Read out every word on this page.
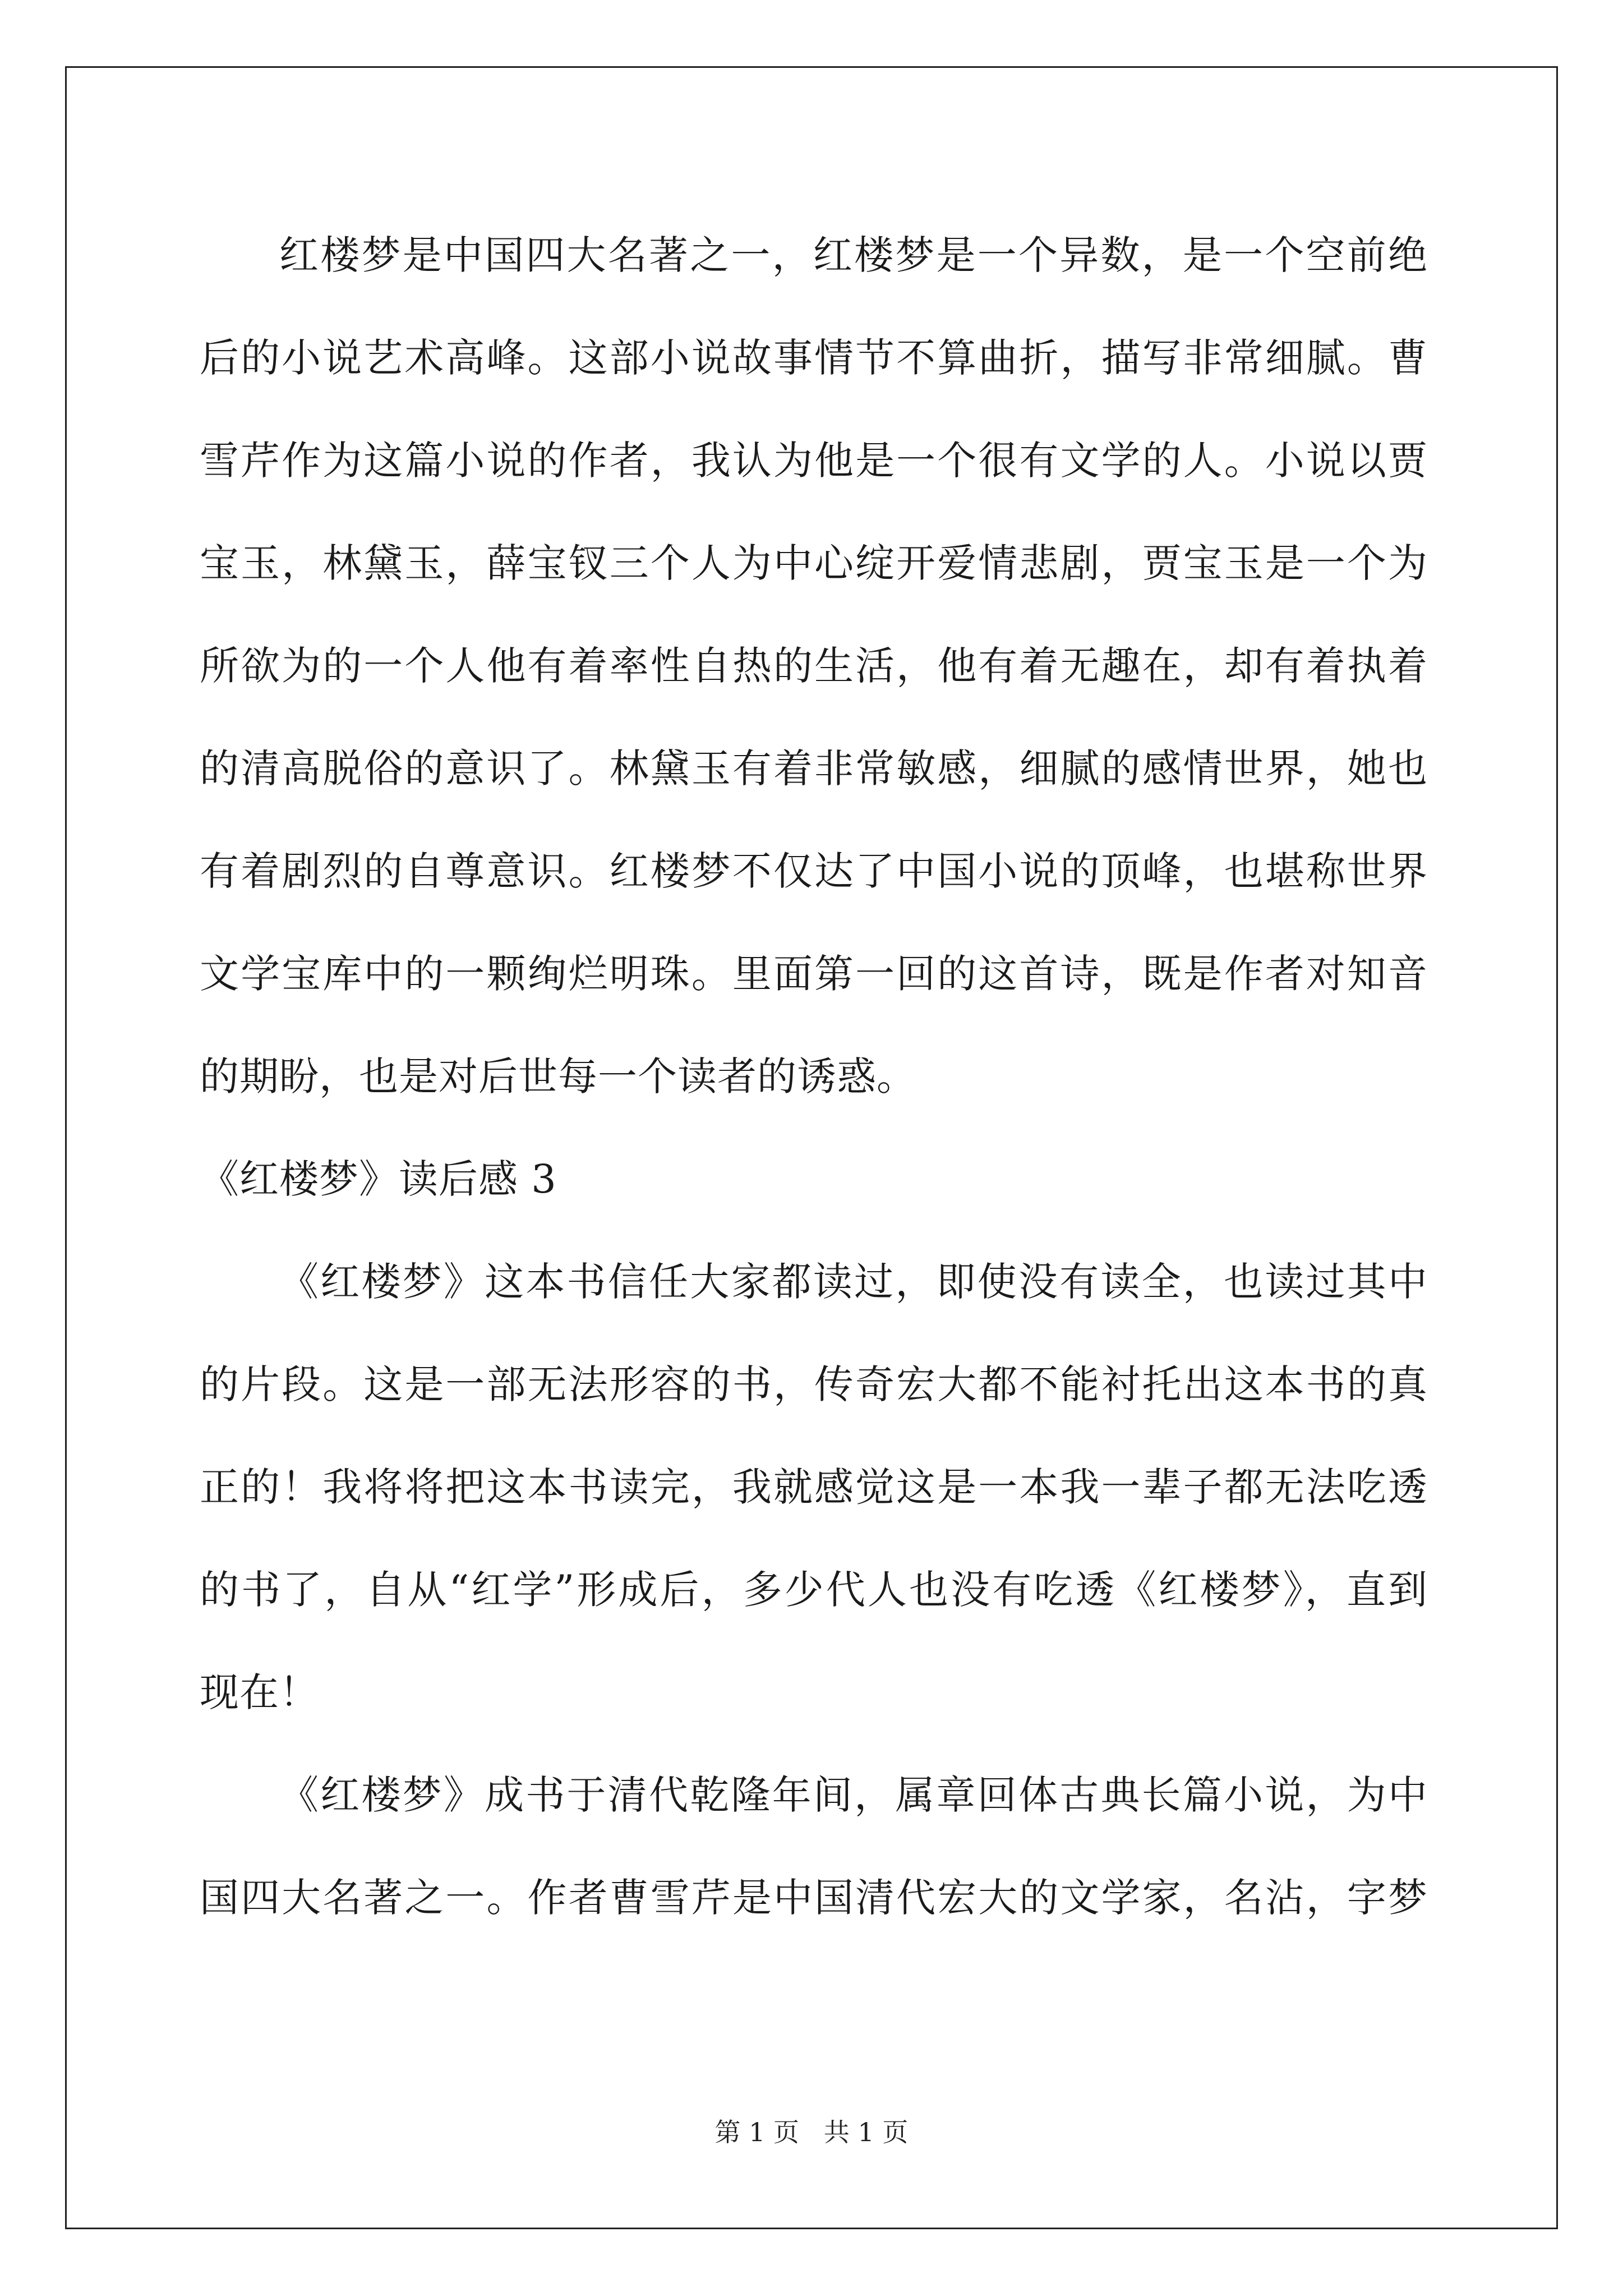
红楼梦是中国四大名著之一，红楼梦是一个异数，是一个空前绝
后的小说艺术高峰。这部小说故事情节不算曲折，描写非常细腻。曹
雪芹作为这篇小说的作者，我认为他是一个很有文学的人。小说以贾
宝玉，林黛玉，薛宝钗三个人为中心绽开爱情悲剧，贾宝玉是一个为
所欲为的一个人他有着率性自热的生活，他有着无趣在，却有着执着
的清高脱俗的意识了。林黛玉有着非常敏感，细腻的感情世界，她也
有着剧烈的自尊意识。红楼梦不仅达了中国小说的顶峰，也堪称世界
文学宝库中的一颗绚烂明珠。里面第一回的这首诗，既是作者对知音
的期盼，也是对后世每一个读者的诱惑。
《红楼梦》读后感 3
《红楼梦》这本书信任大家都读过，即使没有读全，也读过其中
的片段。这是一部无法形容的书，传奇宏大都不能衬托出这本书的真
正的！我将将把这本书读完，我就感觉这是一本我一辈子都无法吃透
的书了，自从“红学”形成后，多少代人也没有吃透《红楼梦》，直到
现在！
《红楼梦》成书于清代乾隆年间，属章回体古典长篇小说，为中
国四大名著之一。作者曹雪芹是中国清代宏大的文学家，名沾，字梦
第 1 页   共 1 页
